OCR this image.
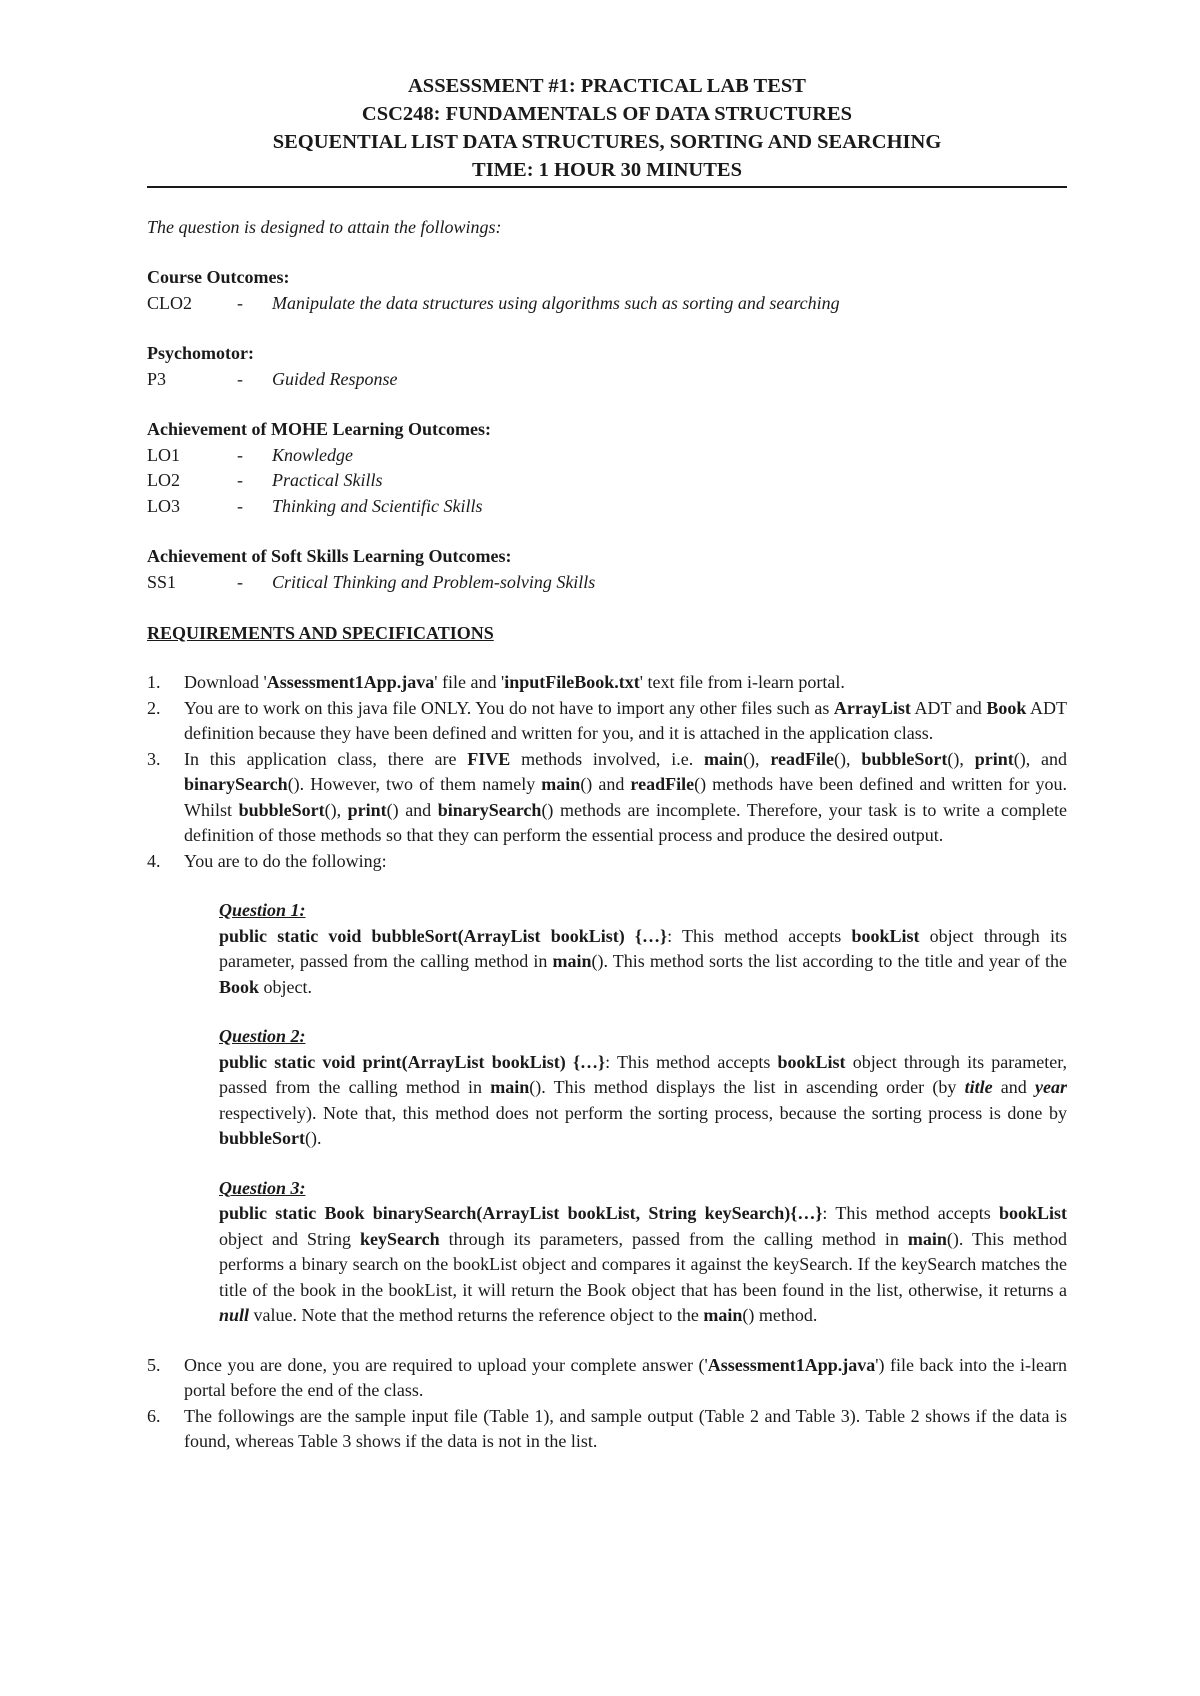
ASSESSMENT #1: PRACTICAL LAB TEST
CSC248: FUNDAMENTALS OF DATA STRUCTURES
SEQUENTIAL LIST DATA STRUCTURES, SORTING AND SEARCHING
TIME: 1 HOUR 30 MINUTES
The question is designed to attain the followings:
Course Outcomes:
CLO2	-	Manipulate the data structures using algorithms such as sorting and searching
Psychomotor:
P3	-	Guided Response
Achievement of MOHE Learning Outcomes:
LO1	-	Knowledge
LO2	-	Practical Skills
LO3	-	Thinking and Scientific Skills
Achievement of Soft Skills Learning Outcomes:
SS1	-	Critical Thinking and Problem-solving Skills
REQUIREMENTS AND SPECIFICATIONS
1.	Download 'Assessment1App.java' file and 'inputFileBook.txt' text file from i-learn portal.
2.	You are to work on this java file ONLY. You do not have to import any other files such as ArrayList ADT and Book ADT definition because they have been defined and written for you, and it is attached in the application class.
3.	In this application class, there are FIVE methods involved, i.e. main(), readFile(), bubbleSort(), print(), and binarySearch(). However, two of them namely main() and readFile() methods have been defined and written for you. Whilst bubbleSort(), print() and binarySearch() methods are incomplete. Therefore, your task is to write a complete definition of those methods so that they can perform the essential process and produce the desired output.
4.	You are to do the following:
Question 1:
public static void bubbleSort(ArrayList bookList) {…}: This method accepts bookList object through its parameter, passed from the calling method in main(). This method sorts the list according to the title and year of the Book object.
Question 2:
public static void print(ArrayList bookList) {…}: This method accepts bookList object through its parameter, passed from the calling method in main(). This method displays the list in ascending order (by title and year respectively). Note that, this method does not perform the sorting process, because the sorting process is done by bubbleSort().
Question 3:
public static Book binarySearch(ArrayList bookList, String keySearch){…}: This method accepts bookList object and String keySearch through its parameters, passed from the calling method in main(). This method performs a binary search on the bookList object and compares it against the keySearch. If the keySearch matches the title of the book in the bookList, it will return the Book object that has been found in the list, otherwise, it returns a null value. Note that the method returns the reference object to the main() method.
5.	Once you are done, you are required to upload your complete answer ('Assessment1App.java') file back into the i-learn portal before the end of the class.
6.	The followings are the sample input file (Table 1), and sample output (Table 2 and Table 3). Table 2 shows if the data is found, whereas Table 3 shows if the data is not in the list.
